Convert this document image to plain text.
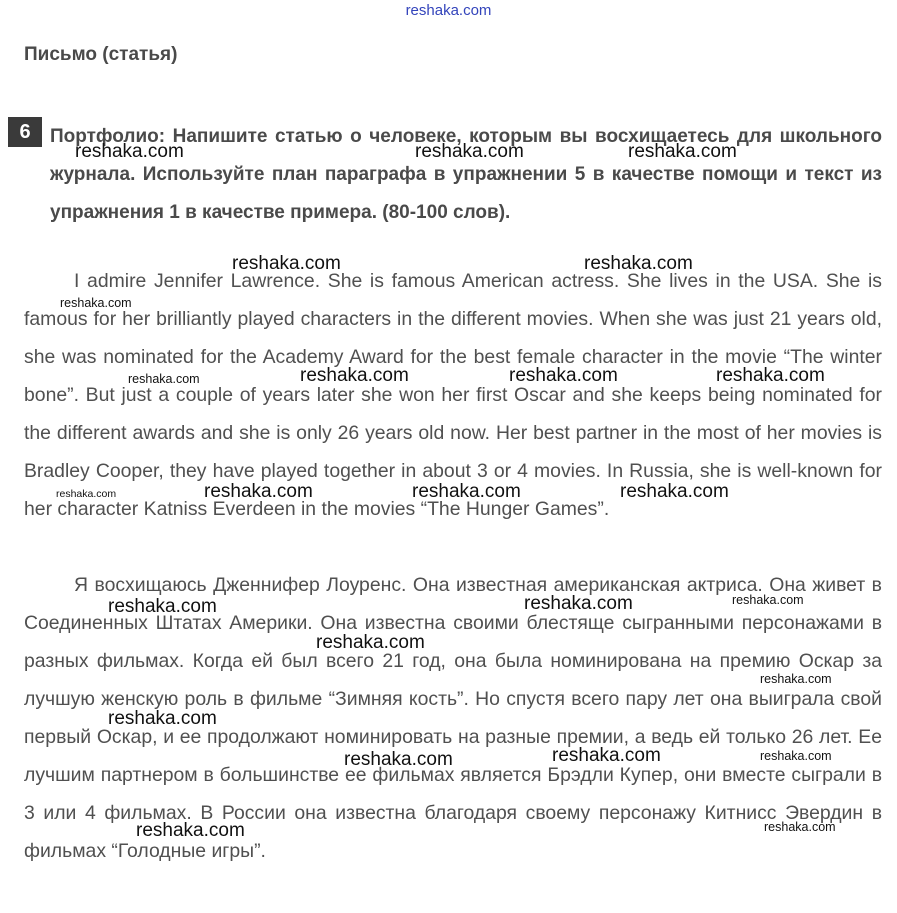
reshaka.com
Письмо (статья)
6	Портфолио: Напишите статью о человеке, которым вы восхищаетесь для школьного журнала. Используйте план параграфа в упражнении 5 в качестве помощи и текст из упражнения 1 в качестве примера. (80-100 слов).
I admire Jennifer Lawrence. She is famous American actress. She lives in the USA. She is famous for her brilliantly played characters in the different movies. When she was just 21 years old, she was nominated for the Academy Award for the best female character in the movie “The winter bone”. But just a couple of years later she won her first Oscar and she keeps being nominated for the different awards and she is only 26 years old now. Her best partner in the most of her movies is Bradley Cooper, they have played together in about 3 or 4 movies. In Russia, she is well-known for her character Katniss Everdeen in the movies “The Hunger Games”.
Я восхищаюсь Дженнифер Лоуренс. Она известная американская актриса. Она живет в Соединенных Штатах Америки. Она известна своими блестяще сыгранными персонажами в разных фильмах. Когда ей был всего 21 год, она была номинирована на премию Оскар за лучшую женскую роль в фильме “Зимняя кость”. Но спустя всего пару лет она выиграла свой первый Оскар, и ее продолжают номинировать на разные премии, а ведь ей только 26 лет. Ее лучшим партнером в большинстве ее фильмах является Брэдли Купер, они вместе сыграли в 3 или 4 фильмах. В России она известна благодаря своему персонажу Китнисс Эвердин в фильмах “Голодные игры”.
reshaka.com	reshaka.com	reshaka.com
reshaka.com	reshaka.com
reshaka.com
reshaka.com	reshaka.com	reshaka.com	reshaka.com
reshaka.com	reshaka.com	reshaka.com	reshaka.com
reshaka.com	reshaka.com	reshaka.com
reshaka.com
reshaka.com
reshaka.com
reshaka.com	reshaka.com	reshaka.com
reshaka.com	reshaka.com
